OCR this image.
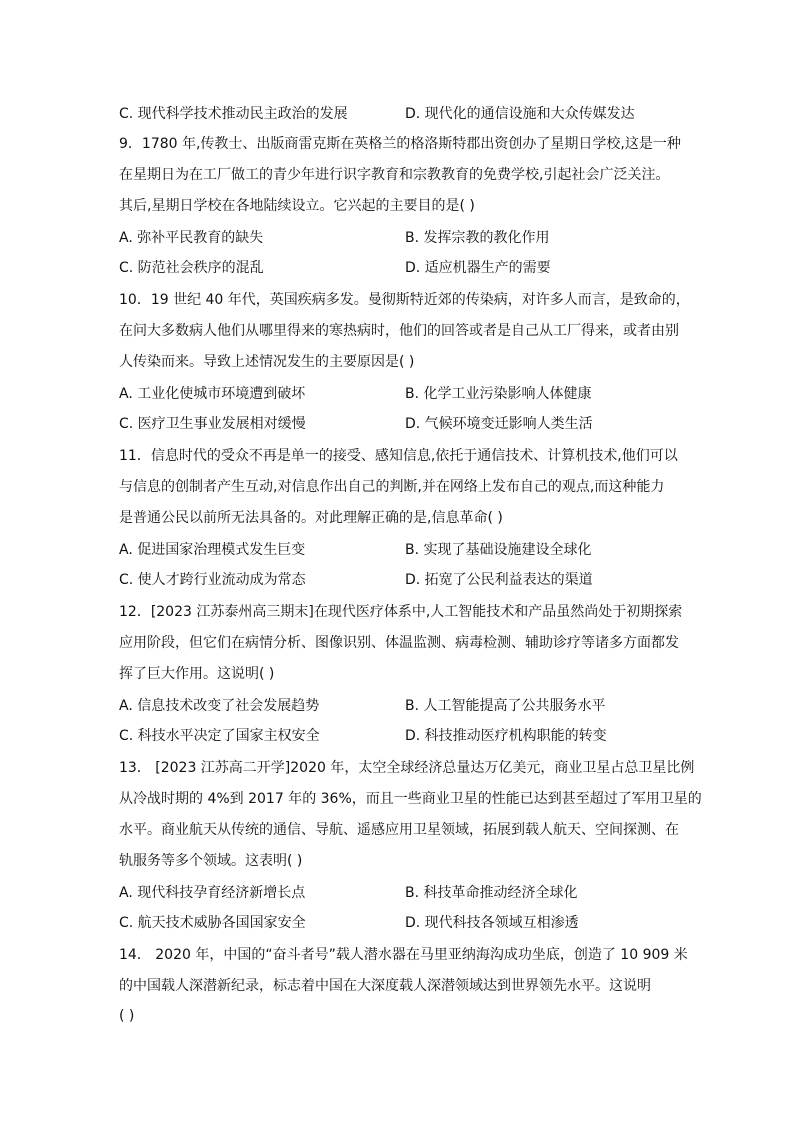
C. 现代科学技术推动民主政治的发展	D. 现代化的通信设施和大众传媒发达
9．1780 年,传教士、出版商雷克斯在英格兰的格洛斯特郡出资创办了星期日学校,这是一种
在星期日为在工厂做工的青少年进行识字教育和宗教教育的免费学校,引起社会广泛关注。
其后,星期日学校在各地陆续设立。它兴起的主要目的是( )
A. 弥补平民教育的缺失	B. 发挥宗教的教化作用
C. 防范社会秩序的混乱	D. 适应机器生产的需要
10．19 世纪 40 年代，英国疾病多发。曼彻斯特近郊的传染病，对许多人而言，是致命的，
在问大多数病人他们从哪里得来的寒热病时，他们的回答或者是自己从工厂得来，或者由别
人传染而来。导致上述情况发生的主要原因是( )
A. 工业化使城市环境遭到破坏	B. 化学工业污染影响人体健康
C. 医疗卫生事业发展相对缓慢	D. 气候环境变迁影响人类生活
11．信息时代的受众不再是单一的接受、感知信息,依托于通信技术、计算机技术,他们可以
与信息的创制者产生互动,对信息作出自己的判断,并在网络上发布自己的观点,而这种能力
是普通公民以前所无法具备的。对此理解正确的是,信息革命( )
A. 促进国家治理模式发生巨变	B. 实现了基础设施建设全球化
C. 使人才跨行业流动成为常态	D. 拓宽了公民利益表达的渠道
12．[2023 江苏泰州高三期末]在现代医疗体系中,人工智能技术和产品虽然尚处于初期探索
应用阶段，但它们在病情分析、图像识别、体温监测、病毒检测、辅助诊疗等诸多方面都发
挥了巨大作用。这说明( )
A. 信息技术改变了社会发展趋势	B. 人工智能提高了公共服务水平
C. 科技水平决定了国家主权安全	D. 科技推动医疗机构职能的转变
13． [2023 江苏高二开学]2020 年，太空全球经济总量达万亿美元，商业卫星占总卫星比例
从冷战时期的 4%到 2017 年的 36%，而且一些商业卫星的性能已达到甚至超过了军用卫星的
水平。商业航天从传统的通信、导航、遥感应用卫星领域，拓展到载人航天、空间探测、在
轨服务等多个领域。这表明( )
A. 现代科技孕育经济新增长点	B. 科技革命推动经济全球化
C. 航天技术威胁各国国家安全	D. 现代科技各领域互相渗透
14． 2020 年，中国的“奋斗者号”载人潜水器在马里亚纳海沟成功坐底，创造了 10 909 米
的中国载人深潜新纪录，标志着中国在大深度载人深潜领域达到世界领先水平。这说明
( )
